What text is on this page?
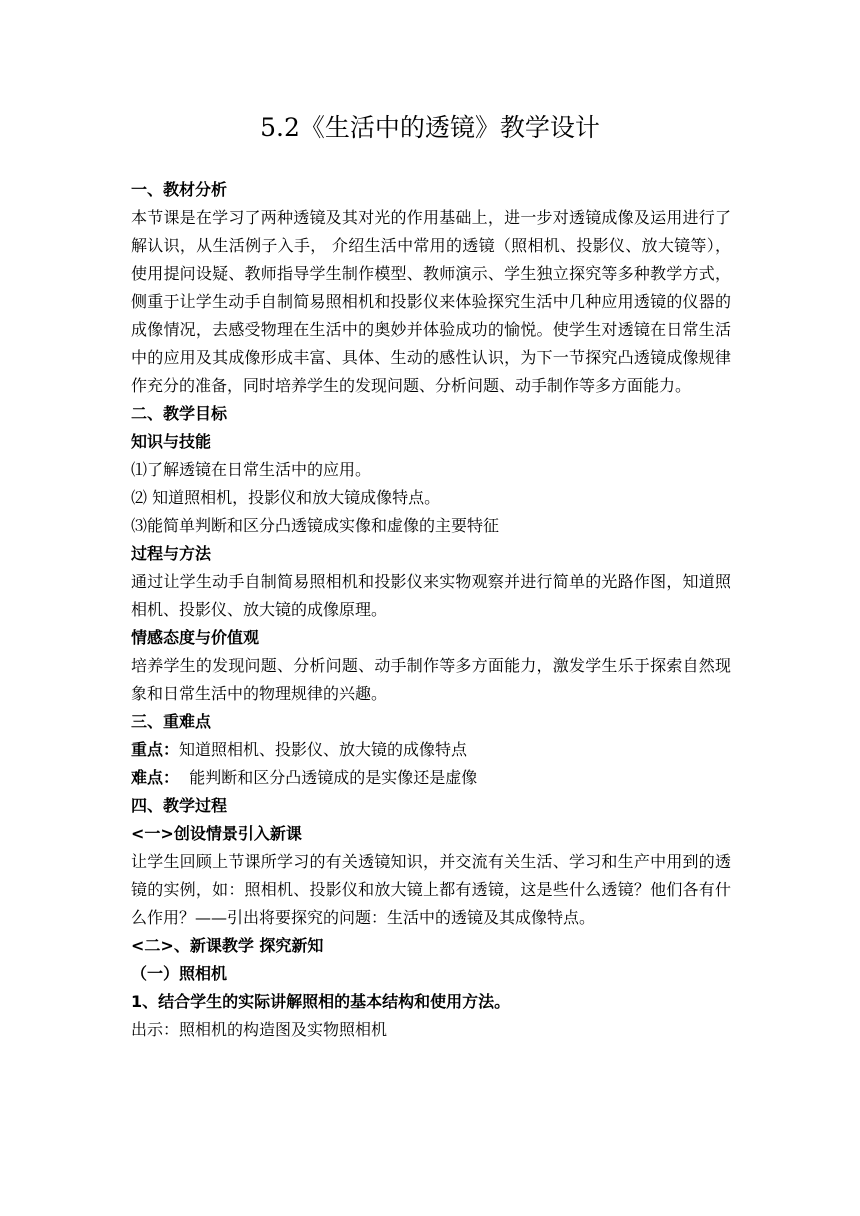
5.2《生活中的透镜》教学设计

一、教材分析

本节课是在学习了两种透镜及其对光的作用基础上，进一步对透镜成像及运用进行了解认识，从生活例子入手， 介绍生活中常用的透镜（照相机、投影仪、放大镜等），使用提问设疑、教师指导学生制作模型、教师演示、学生独立探究等多种教学方式，侧重于让学生动手自制简易照相机和投影仪来体验探究生活中几种应用透镜的仪器的成像情况，去感受物理在生活中的奥妙并体验成功的愉悦。使学生对透镜在日常生活中的应用及其成像形成丰富、具体、生动的感性认识，为下一节探究凸透镜成像规律作充分的准备，同时培养学生的发现问题、分析问题、动手制作等多方面能力。

二、教学目标

知识与技能

⑴了解透镜在日常生活中的应用。

⑵ 知道照相机，投影仪和放大镜成像特点。

⑶能简单判断和区分凸透镜成实像和虚像的主要特征

过程与方法

通过让学生动手自制简易照相机和投影仪来实物观察并进行简单的光路作图，知道照相机、投影仪、放大镜的成像原理。

情感态度与价值观

培养学生的发现问题、分析问题、动手制作等多方面能力，激发学生乐于探索自然现象和日常生活中的物理规律的兴趣。

三、重难点

重点：知道照相机、投影仪、放大镜的成像特点

难点：  能判断和区分凸透镜成的是实像还是虚像

四、教学过程

<一>创设情景引入新课

让学生回顾上节课所学习的有关透镜知识，并交流有关生活、学习和生产中用到的透镜的实例，如：照相机、投影仪和放大镜上都有透镜，这是些什么透镜？他们各有什么作用？——引出将要探究的问题：生活中的透镜及其成像特点。

<二>、新课教学 探究新知

（一）照相机

1、结合学生的实际讲解照相的基本结构和使用方法。

出示：照相机的构造图及实物照相机
